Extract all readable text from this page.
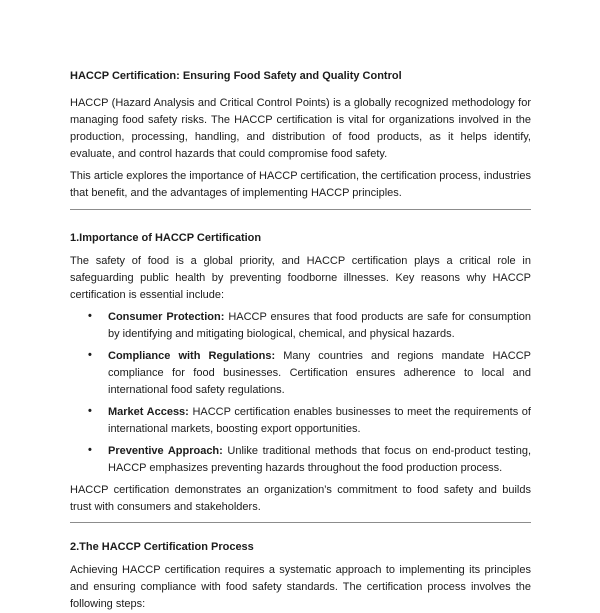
HACCP Certification: Ensuring Food Safety and Quality Control

HACCP (Hazard Analysis and Critical Control Points) is a globally recognized methodology for managing food safety risks. The HACCP certification is vital for organizations involved in the production, processing, handling, and distribution of food products, as it helps identify, evaluate, and control hazards that could compromise food safety.

This article explores the importance of HACCP certification, the certification process, industries that benefit, and the advantages of implementing HACCP principles.

1.Importance of HACCP Certification

The safety of food is a global priority, and HACCP certification plays a critical role in safeguarding public health by preventing foodborne illnesses. Key reasons why HACCP certification is essential include:

• Consumer Protection: HACCP ensures that food products are safe for consumption by identifying and mitigating biological, chemical, and physical hazards.
• Compliance with Regulations: Many countries and regions mandate HACCP compliance for food businesses. Certification ensures adherence to local and international food safety regulations.
• Market Access: HACCP certification enables businesses to meet the requirements of international markets, boosting export opportunities.
• Preventive Approach: Unlike traditional methods that focus on end-product testing, HACCP emphasizes preventing hazards throughout the food production process.

HACCP certification demonstrates an organization’s commitment to food safety and builds trust with consumers and stakeholders.

2.The HACCP Certification Process

Achieving HACCP certification requires a systematic approach to implementing its principles and ensuring compliance with food safety standards. The certification process involves the following steps:
